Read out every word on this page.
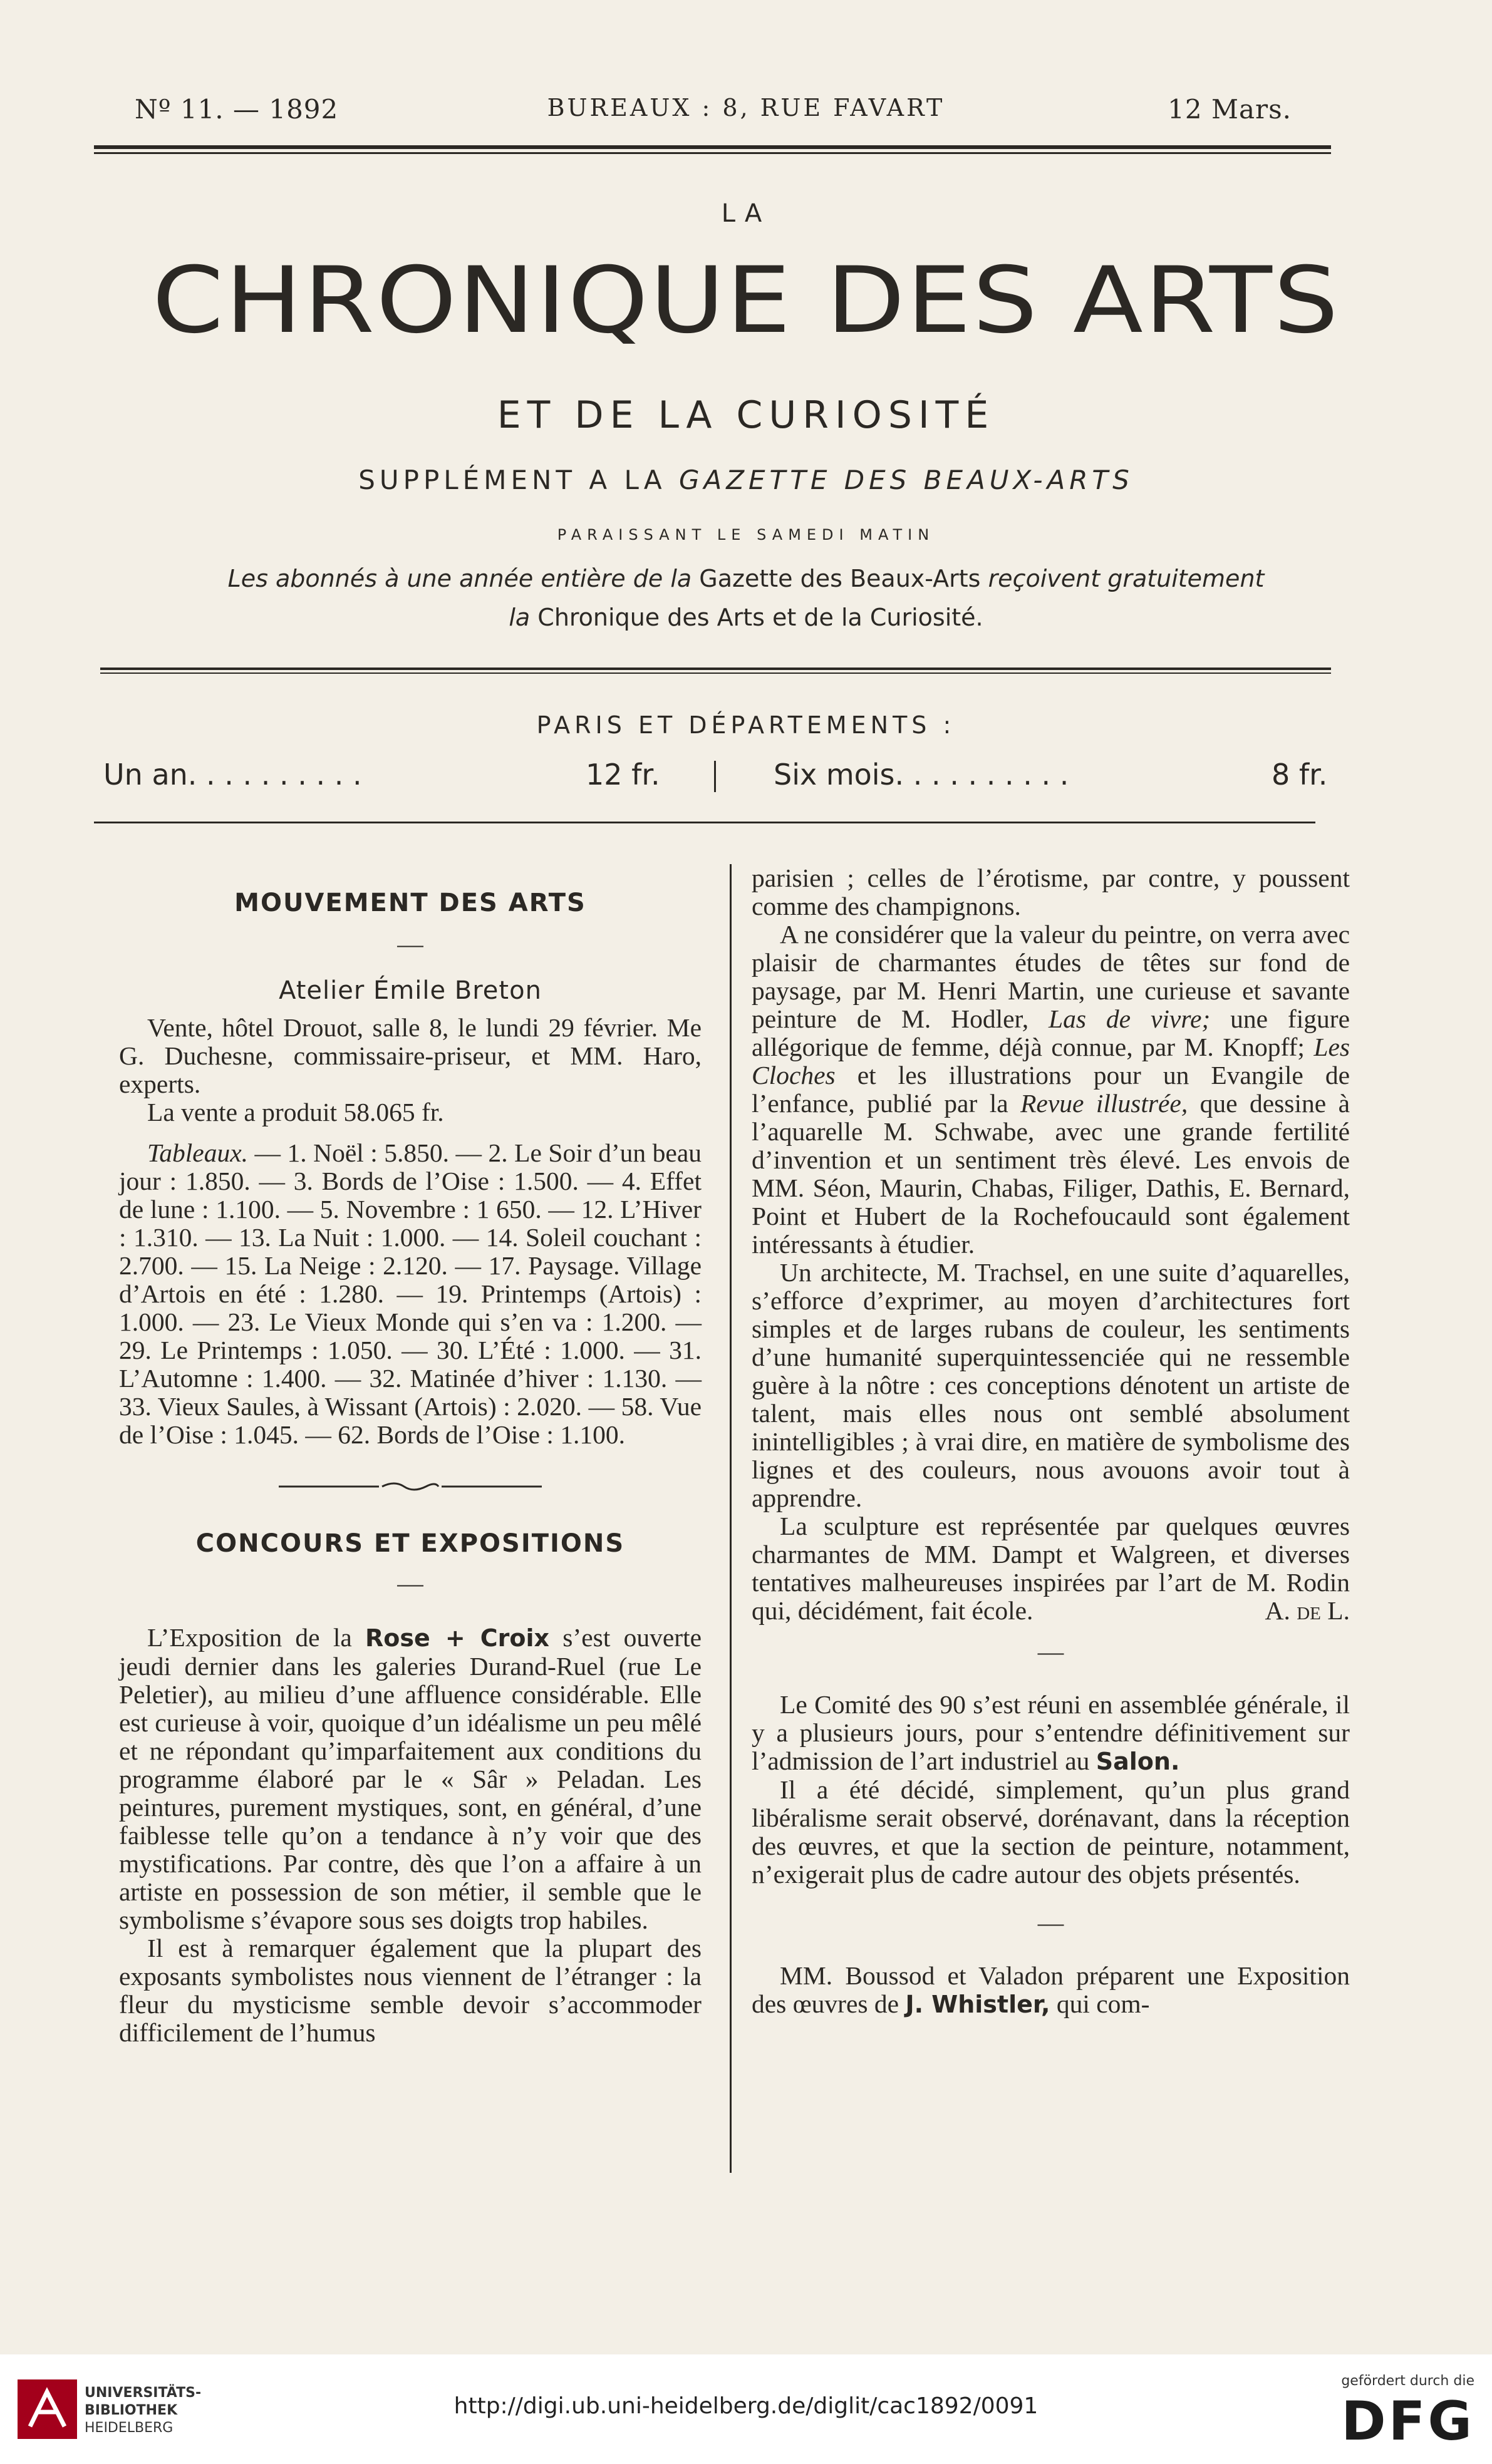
Nº 11. — 1892	BUREAUX : 8, RUE FAVART	12 Mars.
LA
CHRONIQUE DES ARTS
ET DE LA CURIOSITÉ
SUPPLÉMENT A LA GAZETTE DES BEAUX-ARTS
PARAISSANT LE SAMEDI MATIN
Les abonnés à une année entière de la Gazette des Beaux-Arts reçoivent gratuitement
la Chronique des Arts et de la Curiosité.
PARIS ET DÉPARTEMENTS :
Un an. . . . . . . . . .	12 fr.	Six mois. . . . . . . . . .	8 fr.

MOUVEMENT DES ARTS

—

Atelier Émile Breton

Vente, hôtel Drouot, salle 8, le lundi 29 février. Me G. Duchesne, commissaire-priseur, et MM. Haro, experts.

La vente a produit 58.065 fr.

Tableaux. — 1. Noël : 5.850. — 2. Le Soir d’un beau jour : 1.850. — 3. Bords de l’Oise : 1.500. — 4. Effet de lune : 1.100. — 5. Novembre : 1 650. — 12. L’Hiver : 1.310. — 13. La Nuit : 1.000. — 14. Soleil couchant : 2.700. — 15. La Neige : 2.120. — 17. Paysage. Village d’Artois en été : 1.280. — 19. Printemps (Artois) : 1.000. — 23. Le Vieux Monde qui s’en va : 1.200. — 29. Le Printemps : 1.050. — 30. L’Été : 1.000. — 31. L’Automne : 1.400. — 32. Matinée d’hiver : 1.130. — 33. Vieux Saules, à Wissant (Artois) : 2.020. — 58. Vue de l’Oise : 1.045. — 62. Bords de l’Oise : 1.100.

CONCOURS ET EXPOSITIONS

—

L’Exposition de la Rose + Croix s’est ouverte jeudi dernier dans les galeries Durand-Ruel (rue Le Peletier), au milieu d’une affluence considérable. Elle est curieuse à voir, quoique d’un idéalisme un peu mêlé et ne répondant qu’imparfaitement aux conditions du programme élaboré par le « Sâr » Peladan. Les peintures, purement mystiques, sont, en général, d’une faiblesse telle qu’on a tendance à n’y voir que des mystifications. Par contre, dès que l’on a affaire à un artiste en possession de son métier, il semble que le symbolisme s’évapore sous ses doigts trop habiles.

Il est à remarquer également que la plupart des exposants symbolistes nous viennent de l’étranger : la fleur du mysticisme semble devoir s’accommoder difficilement de l’humus

parisien ; celles de l’érotisme, par contre, y poussent comme des champignons.

A ne considérer que la valeur du peintre, on verra avec plaisir de charmantes études de têtes sur fond de paysage, par M. Henri Martin, une curieuse et savante peinture de M. Hodler, Las de vivre; une figure allégorique de femme, déjà connue, par M. Knopff; Les Cloches et les illustrations pour un Evangile de l’enfance, publié par la Revue illustrée, que dessine à l’aquarelle M. Schwabe, avec une grande fertilité d’invention et un sentiment très élevé. Les envois de MM. Séon, Maurin, Chabas, Filiger, Dathis, E. Bernard, Point et Hubert de la Rochefoucauld sont également intéressants à étudier.

Un architecte, M. Trachsel, en une suite d’aquarelles, s’efforce d’exprimer, au moyen d’architectures fort simples et de larges rubans de couleur, les sentiments d’une humanité superquintessenciée qui ne ressemble guère à la nôtre : ces conceptions dénotent un artiste de talent, mais elles nous ont semblé absolument inintelligibles ; à vrai dire, en matière de symbolisme des lignes et des couleurs, nous avouons avoir tout à apprendre.

La sculpture est représentée par quelques œuvres charmantes de MM. Dampt et Walgreen, et diverses tentatives malheureuses inspirées par l’art de M. Rodin qui, décidément, fait école.	A. de L.

—

Le Comité des 90 s’est réuni en assemblée générale, il y a plusieurs jours, pour s’entendre définitivement sur l’admission de l’art industriel au Salon.

Il a été décidé, simplement, qu’un plus grand libéralisme serait observé, dorénavant, dans la réception des œuvres, et que la section de peinture, notamment, n’exigerait plus de cadre autour des objets présentés.

—

MM. Boussod et Valadon préparent une Exposition des œuvres de J. Whistler, qui com-

UNIVERSITÄTS-
BIBLIOTHEK
HEIDELBERG
http://digi.ub.uni-heidelberg.de/diglit/cac1892/0091
gefördert durch die
DFG
